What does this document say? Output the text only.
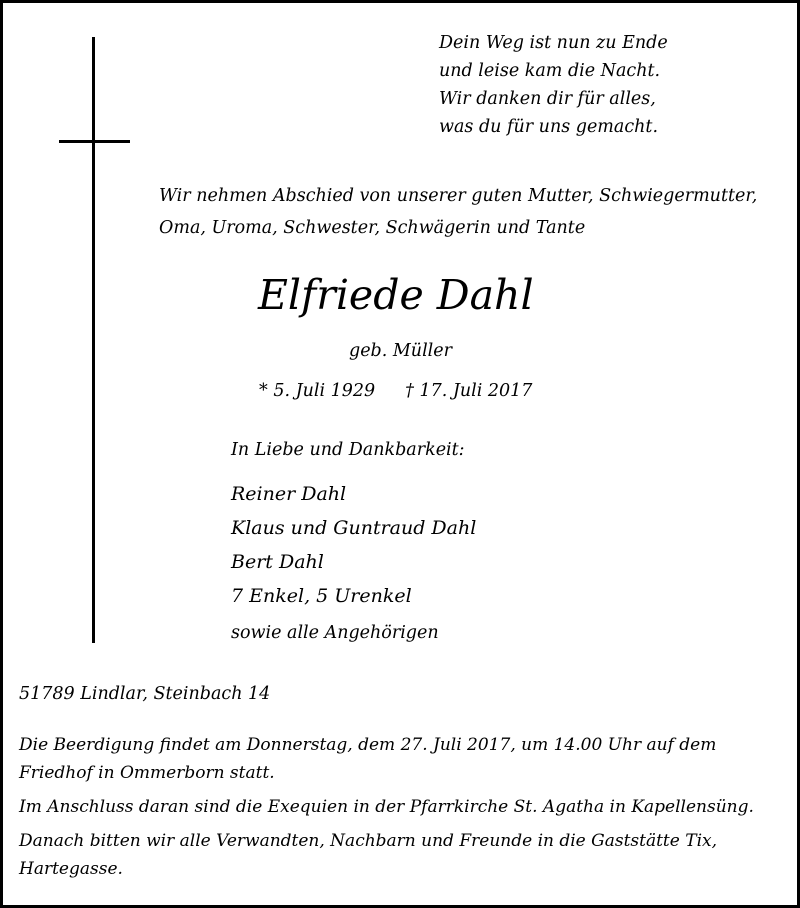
Dein Weg ist nun zu Ende
und leise kam die Nacht.
Wir danken dir für alles,
was du für uns gemacht.
Wir nehmen Abschied von unserer guten Mutter, Schwiegermutter,
Oma, Uroma, Schwester, Schwägerin und Tante
Elfriede Dahl
geb. Müller
* 5. Juli 1929 † 17. Juli 2017
In Liebe und Dankbarkeit:
Reiner Dahl
Klaus und Guntraud Dahl
Bert Dahl
7 Enkel, 5 Urenkel
sowie alle Angehörigen
51789 Lindlar, Steinbach 14

Die Beerdigung findet am Donnerstag, dem 27. Juli 2017, um 14.00 Uhr auf dem Friedhof in Ommerborn statt.

Im Anschluss daran sind die Exequien in der Pfarrkirche St. Agatha in Kapellensüng.

Danach bitten wir alle Verwandten, Nachbarn und Freunde in die Gaststätte Tix, Hartegasse.
